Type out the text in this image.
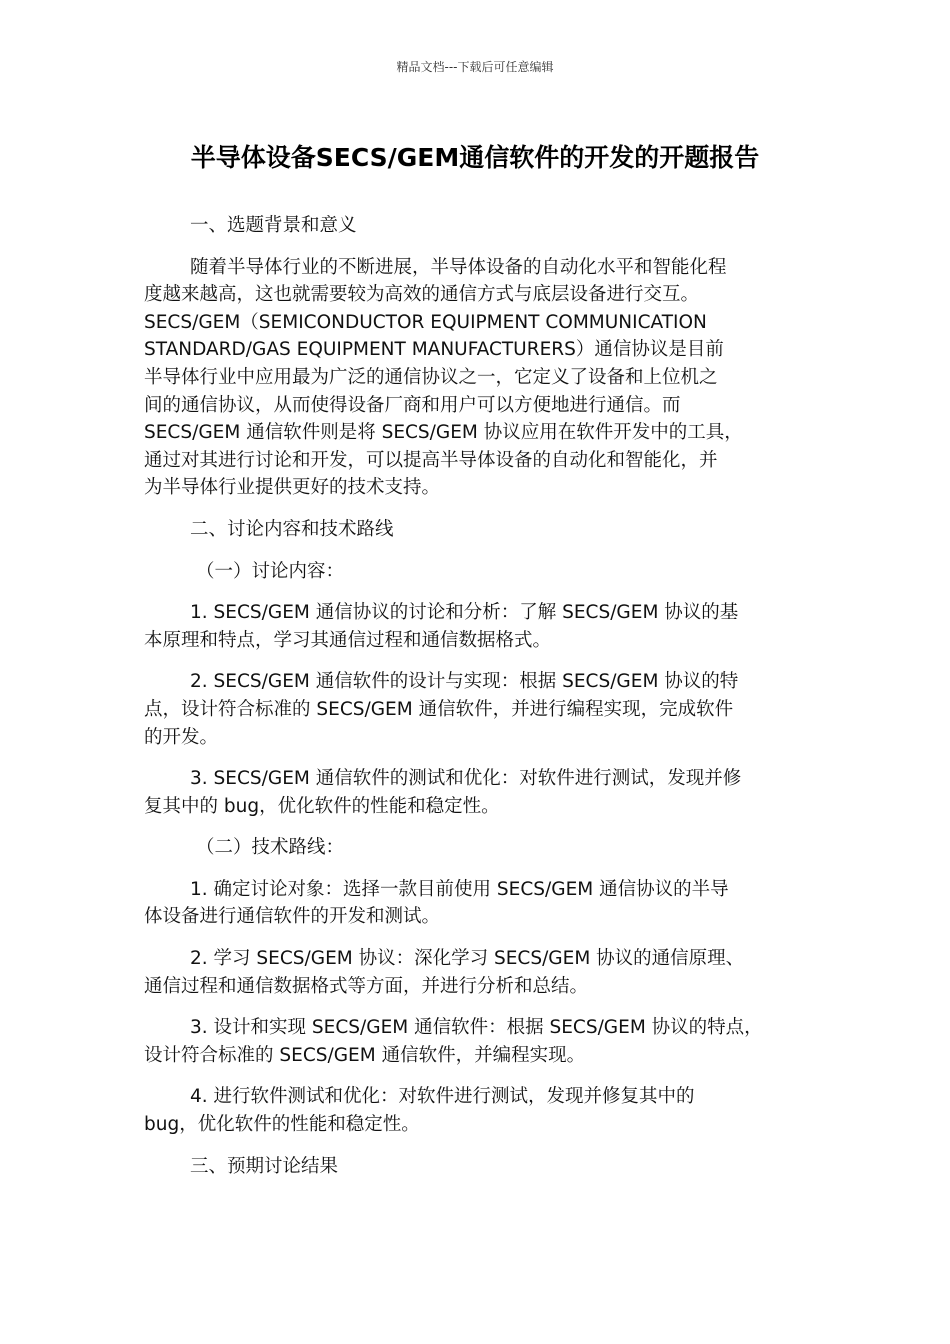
精品文档---下载后可任意编辑
半导体设备SECS/GEM通信软件的开发的开题报告

一、选题背景和意义

随着半导体行业的不断进展，半导体设备的自动化水平和智能化程
度越来越高，这也就需要较为高效的通信方式与底层设备进行交互。
SECS/GEM（SEMICONDUCTOR EQUIPMENT COMMUNICATION
STANDARD/GAS EQUIPMENT MANUFACTURERS）通信协议是目前
半导体行业中应用最为广泛的通信协议之一，它定义了设备和上位机之
间的通信协议，从而使得设备厂商和用户可以方便地进行通信。而
SECS/GEM 通信软件则是将 SECS/GEM 协议应用在软件开发中的工具，
通过对其进行讨论和开发，可以提高半导体设备的自动化和智能化，并
为半导体行业提供更好的技术支持。

二、讨论内容和技术路线

（一）讨论内容：

1. SECS/GEM 通信协议的讨论和分析：了解 SECS/GEM 协议的基
本原理和特点，学习其通信过程和通信数据格式。

2. SECS/GEM 通信软件的设计与实现：根据 SECS/GEM 协议的特
点，设计符合标准的 SECS/GEM 通信软件，并进行编程实现，完成软件
的开发。

3. SECS/GEM 通信软件的测试和优化：对软件进行测试，发现并修
复其中的 bug，优化软件的性能和稳定性。

（二）技术路线：

1. 确定讨论对象：选择一款目前使用 SECS/GEM 通信协议的半导
体设备进行通信软件的开发和测试。

2. 学习 SECS/GEM 协议：深化学习 SECS/GEM 协议的通信原理、
通信过程和通信数据格式等方面，并进行分析和总结。

3. 设计和实现 SECS/GEM 通信软件：根据 SECS/GEM 协议的特点，
设计符合标准的 SECS/GEM 通信软件，并编程实现。

4. 进行软件测试和优化：对软件进行测试，发现并修复其中的
bug，优化软件的性能和稳定性。

三、预期讨论结果
